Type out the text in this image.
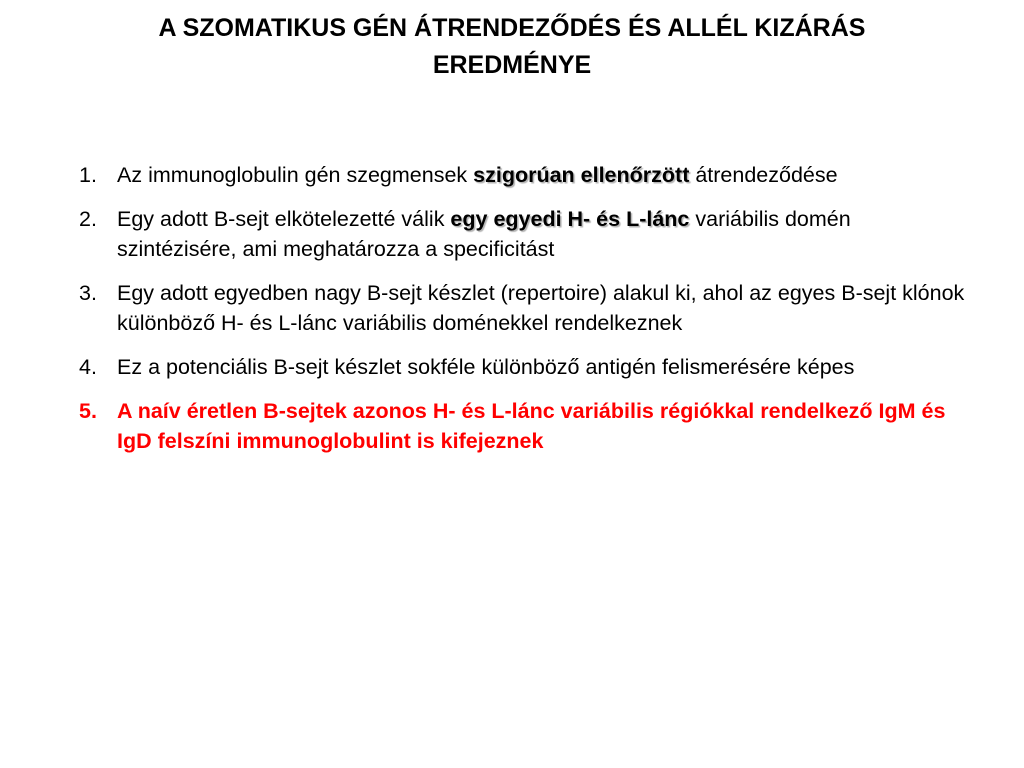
A SZOMATIKUS GÉN ÁTRENDEZŐDÉS ÉS ALLÉL KIZÁRÁS
EREDMÉNYE
1. Az immunoglobulin gén szegmensek szigorúan ellenőrzött átrendeződése
2. Egy adott B-sejt elkötelezetté válik egy egyedi H- és L-lánc variábilis domén szintézisére, ami meghatározza a specificitást
3. Egy adott egyedben nagy B-sejt készlet (repertoire) alakul ki, ahol az egyes B-sejt klónok különböző H- és L-lánc variábilis doménekkel rendelkeznek
4. Ez a potenciális B-sejt készlet sokféle különböző antigén felismerésére képes
5. A naív éretlen B-sejtek azonos H- és L-lánc variábilis régiókkal rendelkező IgM és IgD felszíni immunoglobulint is kifejeznek
